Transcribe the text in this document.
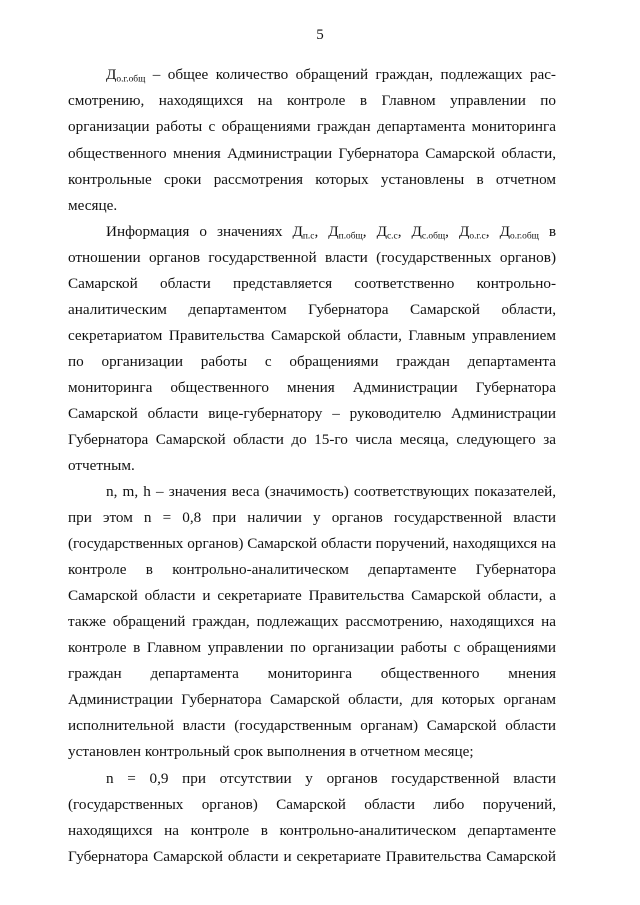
5
$Д_{о.г.общ}$ – общее количество обращений граждан, подлежащих рас-
смотрению, находящихся на контроле в Главном управлении по
организации работы с обращениями граждан департамента мониторинга
общественного мнения Администрации Губернатора Самарской области,
контрольные сроки рассмотрения которых установлены в отчетном
месяце.
Информация о значениях $Д_{п.с}$, $Д_{п.общ}$, $Д_{с.с}$, $Д_{с.общ}$, $Д_{о.г.с}$, $Д_{о.г.общ}$ в
отношении органов государственной власти (государственных органов)
Самарской области представляется соответственно контрольно-
аналитическим департаментом Губернатора Самарской области,
секретариатом Правительства Самарской области, Главным управлением
по организации работы с обращениями граждан департамента
мониторинга общественного мнения Администрации Губернатора
Самарской области вице-губернатору – руководителю Администрации
Губернатора Самарской области до 15-го числа месяца, следующего за
отчетным.
n, m, h – значения веса (значимость) соответствующих показателей,
при этом n = 0,8 при наличии у органов государственной власти
(государственных органов) Самарской области поручений, находящихся на
контроле в контрольно-аналитическом департаменте Губернатора
Самарской области и секретариате Правительства Самарской области, а
также обращений граждан, подлежащих рассмотрению, находящихся на
контроле в Главном управлении по организации работы с обращениями
граждан департамента мониторинга общественного мнения
Администрации Губернатора Самарской области, для которых органам
исполнительной власти (государственным органам) Самарской области
установлен контрольный срок выполнения в отчетном месяце;
n = 0,9 при отсутствии у органов государственной власти
(государственных органов) Самарской области либо поручений,
находящихся на контроле в контрольно-аналитическом департаменте
Губернатора Самарской области и секретариате Правительства Самарской
